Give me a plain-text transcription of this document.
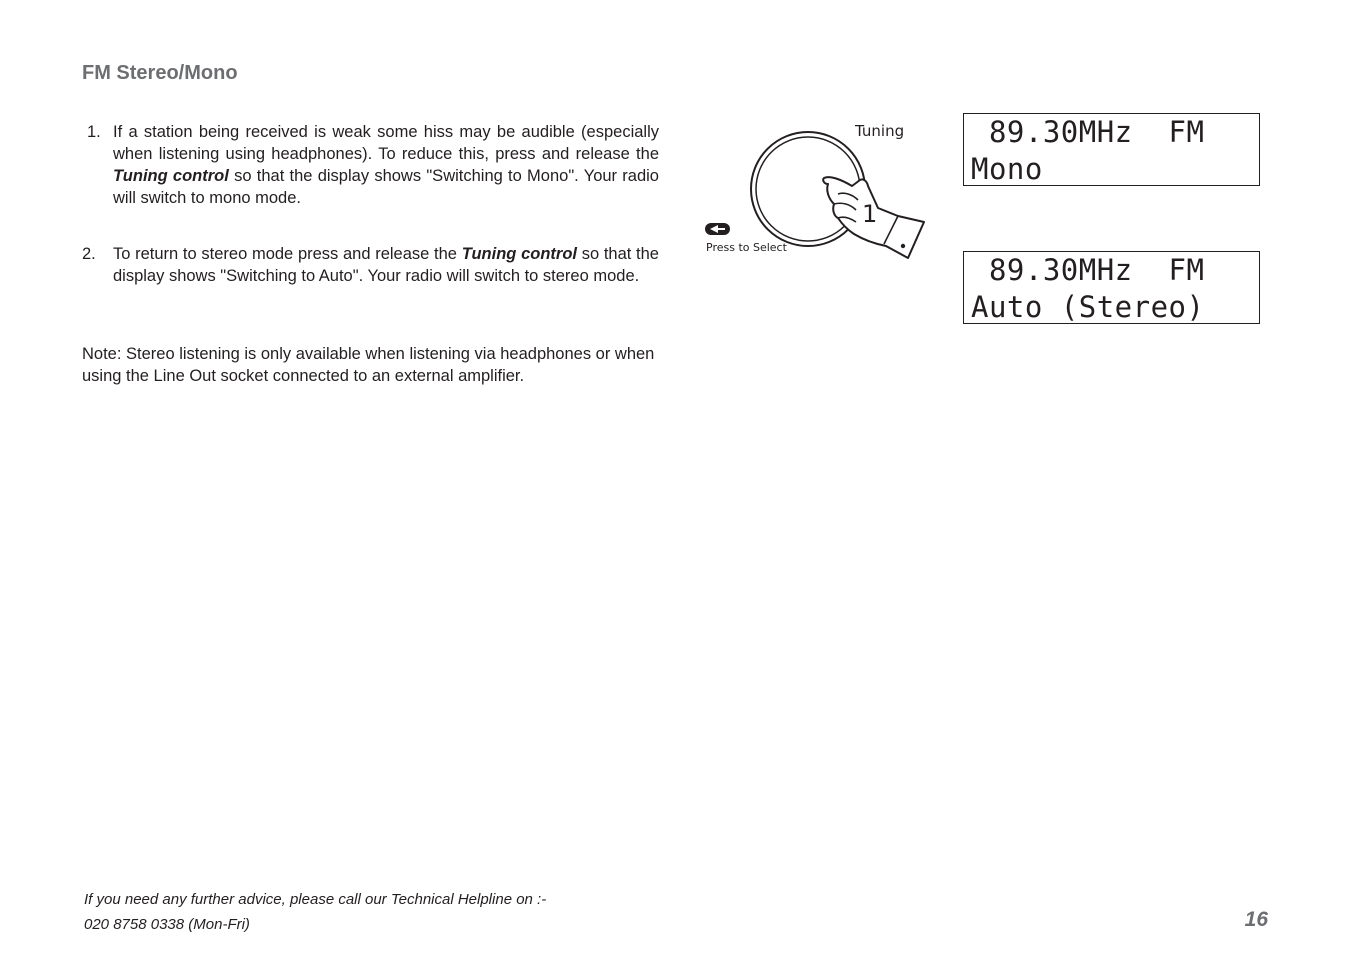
FM Stereo/Mono
1. If a station being received is weak some hiss may be audible (especially when listening using headphones). To reduce this, press and release the Tuning control so that the display shows "Switching to Mono". Your radio will switch to mono mode.
2. To return to stereo mode press and release the Tuning control so that the display shows "Switching to Auto". Your radio will switch to stereo mode.

Note: Stereo listening is only available when listening via headphones or when using the Line Out socket connected to an external amplifier.

Tuning
1
Press to Select
89.30MHz  FM
Mono
89.30MHz  FM
Auto (Stereo)
If you need any further advice, please call our Technical Helpline on :-
020 8758 0338 (Mon-Fri)	16
